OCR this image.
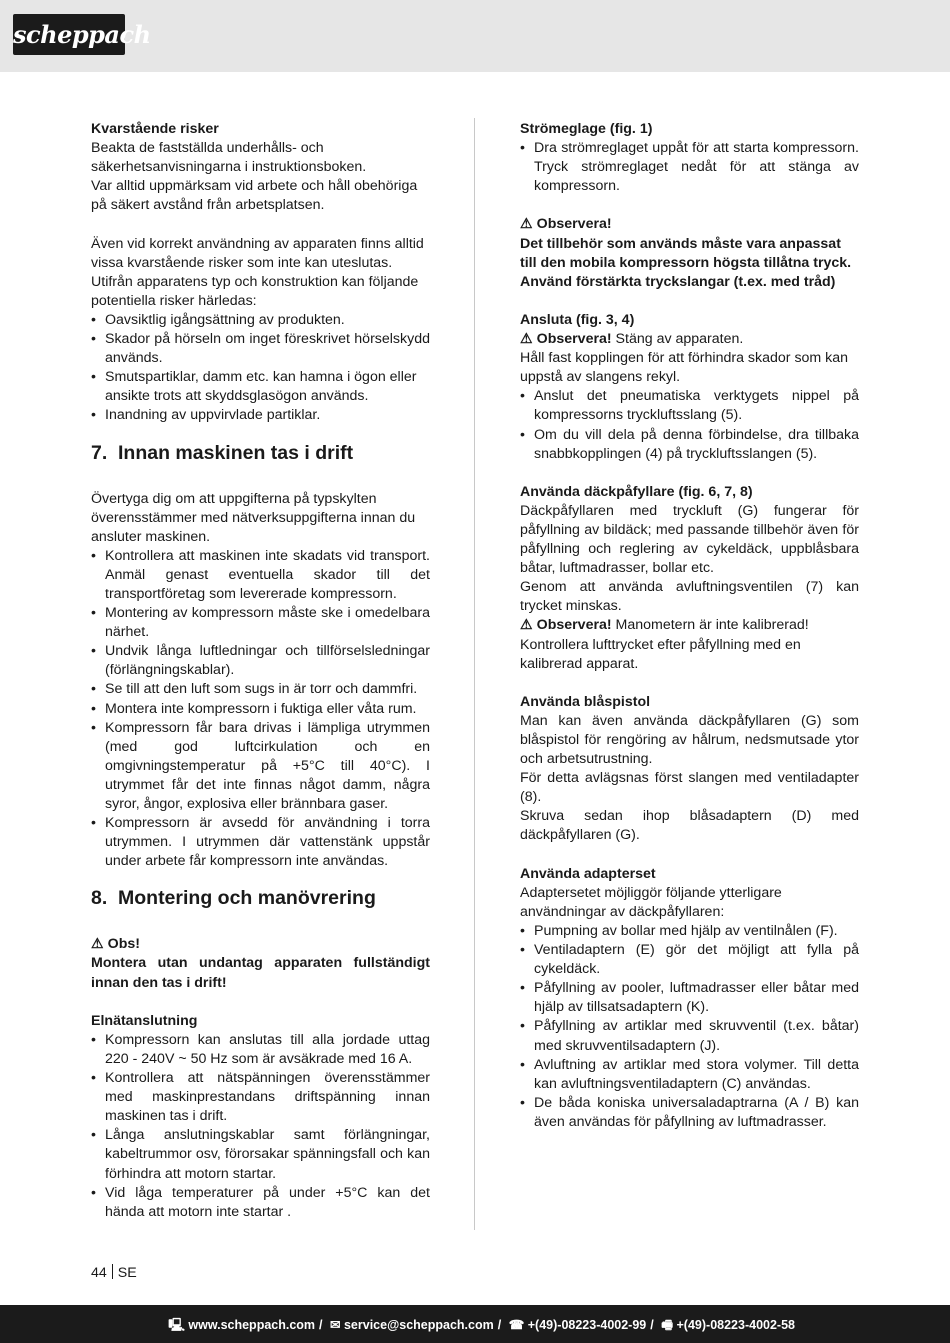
scheppach

Kvarstående risker

Beakta de fastställda underhålls- och säkerhetsanvisningarna i instruktionsboken.

Var alltid uppmärksam vid arbete och håll obehöriga på säkert avstånd från arbetsplatsen.

Även vid korrekt användning av apparaten finns alltid vissa kvarstående risker som inte kan uteslutas. Utifrån apparatens typ och konstruktion kan följande potentiella risker härledas:

• Oavsiktlig igångsättning av produkten.
• Skador på hörseln om inget föreskrivet hörselskydd används.
• Smutspartiklar, damm etc. kan hamna i ögon eller ansikte trots att skyddsglasögon används.
• Inandning av uppvirvlade partiklar.
7. Innan maskinen tas i drift

Övertyga dig om att uppgifterna på typskylten överensstämmer med nätverksuppgifterna innan du ansluter maskinen.

• Kontrollera att maskinen inte skadats vid transport. Anmäl genast eventuella skador till det transportföretag som levererade kompressorn.
• Montering av kompressorn måste ske i omedelbara närhet.
• Undvik långa luftledningar och tillförselsledningar (förlängningskablar).
• Se till att den luft som sugs in är torr och dammfri.
• Montera inte kompressorn i fuktiga eller våta rum.
• Kompressorn får bara drivas i lämpliga utrymmen (med god luftcirkulation och en omgivningstemperatur på +5°C till 40°C). I utrymmet får det inte finnas något damm, några syror, ångor, explosiva eller brännbara gaser.
• Kompressorn är avsedd för användning i torra utrymmen. I utrymmen där vattenstänk uppstår under arbete får kompressorn inte användas.
8. Montering och manövrering

⚠ Obs!

Montera utan undantag apparaten fullständigt innan den tas i drift!

Elnätanslutning

• Kompressorn kan anslutas till alla jordade uttag 220 - 240V ~ 50 Hz som är avsäkrade med 16 A.
• Kontrollera att nätspänningen överensstämmer med maskinprestandans driftspänning innan maskinen tas i drift.
• Långa anslutningskablar samt förlängningar, kabeltrummor osv, förorsakar spänningsfall och kan förhindra att motorn startar.
• Vid låga temperaturer på under +5°C kan det hända att motorn inte startar .

Strömeglage (fig. 1)

• Dra strömreglaget uppåt för att starta kompressorn. Tryck strömreglaget nedåt för att stänga av kompressorn.

⚠ Observera!

Det tillbehör som används måste vara anpassat till den mobila kompressorn högsta tillåtna tryck. Använd förstärkta tryckslangar (t.ex. med tråd)

Ansluta (fig. 3, 4)

⚠ Observera! Stäng av apparaten.

Håll fast kopplingen för att förhindra skador som kan uppstå av slangens rekyl.

• Anslut det pneumatiska verktygets nippel på kompressorns tryckluftsslang (5).
• Om du vill dela på denna förbindelse, dra tillbaka snabbkopplingen (4) på tryckluftsslangen (5).

Använda däckpåfyllare (fig. 6, 7, 8)

Däckpåfyllaren med tryckluft (G) fungerar för påfyllning av bildäck; med passande tillbehör även för påfyllning och reglering av cykeldäck, uppblåsbara båtar, luftmadrasser, bollar etc.

Genom att använda avluftningsventilen (7) kan trycket minskas.

⚠ Observera! Manometern är inte kalibrerad!

Kontrollera lufttrycket efter påfyllning med en kalibrerad apparat.

Använda blåspistol

Man kan även använda däckpåfyllaren (G) som blåspistol för rengöring av hålrum, nedsmutsade ytor och arbetsutrustning.

För detta avlägsnas först slangen med ventiladapter (8).

Skruva sedan ihop blåsadaptern (D) med däckpåfyllaren (G).

Använda adapterset

Adaptersetet möjliggör följande ytterligare användningar av däckpåfyllaren:

• Pumpning av bollar med hjälp av ventilnålen (F).
• Ventiladaptern (E) gör det möjligt att fylla på cykeldäck.
• Påfyllning av pooler, luftmadrasser eller båtar med hjälp av tillsatsadaptern (K).
• Påfyllning av artiklar med skruvventil (t.ex. båtar) med skruvventilsadaptern (J).
• Avluftning av artiklar med stora volymer. Till detta kan avluftningsventiladaptern (C) användas.
• De båda koniska universaladaptrarna (A / B) kan även användas för påfyllning av luftmadrasser.
44 SE
🖳 www.scheppach.com / ✉ service@scheppach.com / ☎ +(49)-08223-4002-99 / 🖷 +(49)-08223-4002-58
